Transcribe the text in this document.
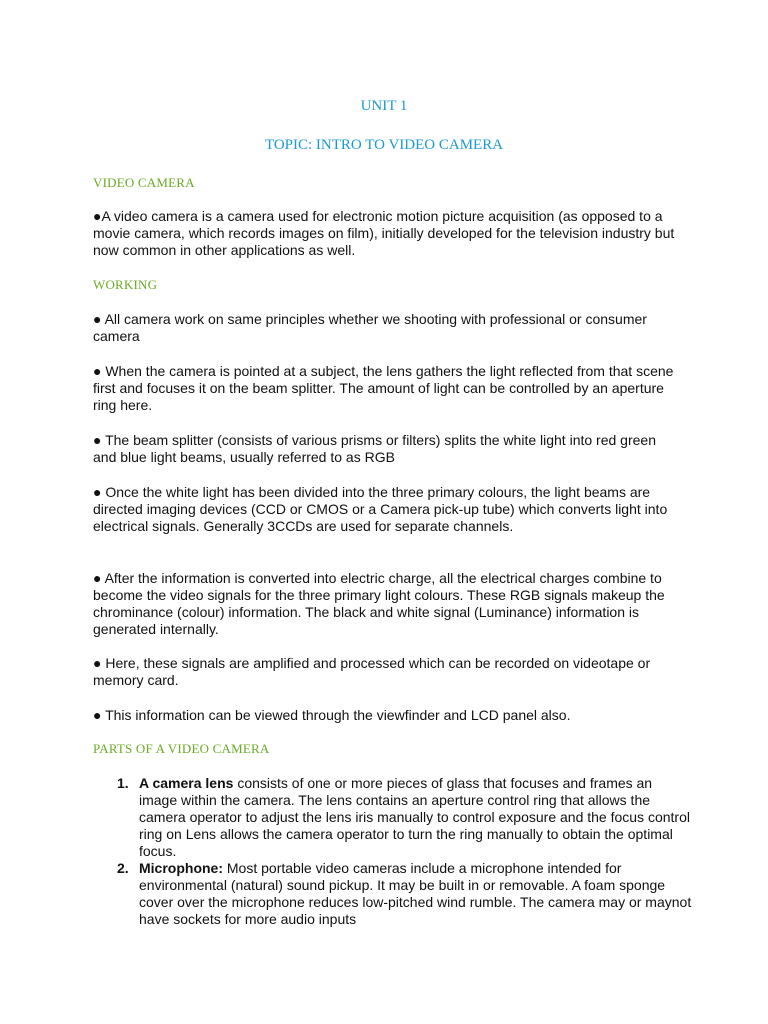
UNIT 1
TOPIC: INTRO TO VIDEO CAMERA
VIDEO CAMERA

●A video camera is a camera used for electronic motion picture acquisition (as opposed to a movie camera, which records images on film), initially developed for the television industry but now common in other applications as well.

WORKING

● All camera work on same principles whether we shooting with professional or consumer camera

● When the camera is pointed at a subject, the lens gathers the light reflected from that scene first and focuses it on the beam splitter. The amount of light can be controlled by an aperture ring here.

● The beam splitter (consists of various prisms or filters) splits the white light into red green and blue light beams, usually referred to as RGB

● Once the white light has been divided into the three primary colours, the light beams are directed imaging devices (CCD or CMOS or a Camera pick-up tube) which converts light into electrical signals. Generally 3CCDs are used for separate channels.

● After the information is converted into electric charge, all the electrical charges combine to become the video signals for the three primary light colours. These RGB signals makeup the chrominance (colour) information. The black and white signal (Luminance) information is generated internally.

● Here, these signals are amplified and processed which can be recorded on videotape or memory card.

● This information can be viewed through the viewfinder and LCD panel also.

PARTS OF A VIDEO CAMERA
1. A camera lens consists of one or more pieces of glass that focuses and frames an image within the camera. The lens contains an aperture control ring that allows the camera operator to adjust the lens iris manually to control exposure and the focus control ring on Lens allows the camera operator to turn the ring manually to obtain the optimal focus.
2. Microphone: Most portable video cameras include a microphone intended for environmental (natural) sound pickup. It may be built in or removable. A foam sponge cover over the microphone reduces low-pitched wind rumble. The camera may or maynot have sockets for more audio inputs
